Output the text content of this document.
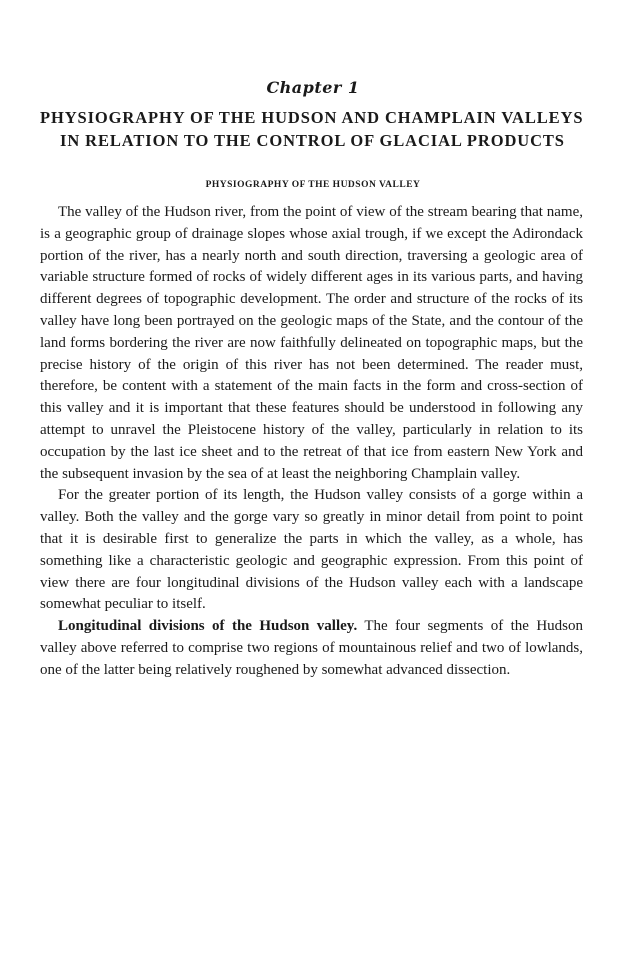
Chapter 1
PHYSIOGRAPHY OF THE HUDSON AND CHAMPLAIN VALLEYS IN RELATION TO THE CONTROL OF GLACIAL PRODUCTS
PHYSIOGRAPHY OF THE HUDSON VALLEY

The valley of the Hudson river, from the point of view of the stream bearing that name, is a geographic group of drainage slopes whose axial trough, if we except the Adirondack portion of the river, has a nearly north and south direction, traversing a geologic area of variable structure formed of rocks of widely different ages in its various parts, and having different degrees of topographic development. The order and structure of the rocks of its valley have long been portrayed on the geologic maps of the State, and the contour of the land forms bordering the river are now faithfully delineated on topographic maps, but the precise history of the origin of this river has not been determined. The reader must, therefore, be content with a statement of the main facts in the form and cross-section of this valley and it is important that these features should be understood in following any attempt to unravel the Pleistocene history of the valley, particularly in relation to its occupation by the last ice sheet and to the retreat of that ice from eastern New York and the subsequent invasion by the sea of at least the neighboring Champlain valley.

For the greater portion of its length, the Hudson valley consists of a gorge within a valley. Both the valley and the gorge vary so greatly in minor detail from point to point that it is desirable first to generalize the parts in which the valley, as a whole, has something like a characteristic geologic and geographic expression. From this point of view there are four longitudinal divisions of the Hudson valley each with a landscape somewhat peculiar to itself.

Longitudinal divisions of the Hudson valley. The four segments of the Hudson valley above referred to comprise two regions of mountainous relief and two of lowlands, one of the latter being relatively roughened by somewhat advanced dissection.
